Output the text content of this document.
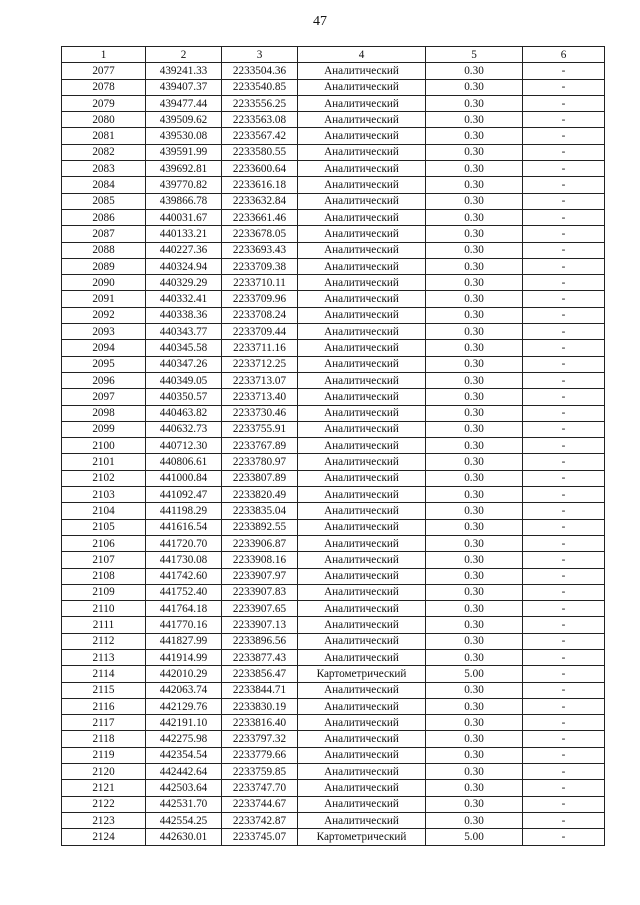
47
1	2	3	4	5	6
2077	439241.33	2233504.36	Аналитический	0.30	-
2078	439407.37	2233540.85	Аналитический	0.30	-
2079	439477.44	2233556.25	Аналитический	0.30	-
2080	439509.62	2233563.08	Аналитический	0.30	-
2081	439530.08	2233567.42	Аналитический	0.30	-
2082	439591.99	2233580.55	Аналитический	0.30	-
2083	439692.81	2233600.64	Аналитический	0.30	-
2084	439770.82	2233616.18	Аналитический	0.30	-
2085	439866.78	2233632.84	Аналитический	0.30	-
2086	440031.67	2233661.46	Аналитический	0.30	-
2087	440133.21	2233678.05	Аналитический	0.30	-
2088	440227.36	2233693.43	Аналитический	0.30	-
2089	440324.94	2233709.38	Аналитический	0.30	-
2090	440329.29	2233710.11	Аналитический	0.30	-
2091	440332.41	2233709.96	Аналитический	0.30	-
2092	440338.36	2233708.24	Аналитический	0.30	-
2093	440343.77	2233709.44	Аналитический	0.30	-
2094	440345.58	2233711.16	Аналитический	0.30	-
2095	440347.26	2233712.25	Аналитический	0.30	-
2096	440349.05	2233713.07	Аналитический	0.30	-
2097	440350.57	2233713.40	Аналитический	0.30	-
2098	440463.82	2233730.46	Аналитический	0.30	-
2099	440632.73	2233755.91	Аналитический	0.30	-
2100	440712.30	2233767.89	Аналитический	0.30	-
2101	440806.61	2233780.97	Аналитический	0.30	-
2102	441000.84	2233807.89	Аналитический	0.30	-
2103	441092.47	2233820.49	Аналитический	0.30	-
2104	441198.29	2233835.04	Аналитический	0.30	-
2105	441616.54	2233892.55	Аналитический	0.30	-
2106	441720.70	2233906.87	Аналитический	0.30	-
2107	441730.08	2233908.16	Аналитический	0.30	-
2108	441742.60	2233907.97	Аналитический	0.30	-
2109	441752.40	2233907.83	Аналитический	0.30	-
2110	441764.18	2233907.65	Аналитический	0.30	-
2111	441770.16	2233907.13	Аналитический	0.30	-
2112	441827.99	2233896.56	Аналитический	0.30	-
2113	441914.99	2233877.43	Аналитический	0.30	-
2114	442010.29	2233856.47	Картометрический	5.00	-
2115	442063.74	2233844.71	Аналитический	0.30	-
2116	442129.76	2233830.19	Аналитический	0.30	-
2117	442191.10	2233816.40	Аналитический	0.30	-
2118	442275.98	2233797.32	Аналитический	0.30	-
2119	442354.54	2233779.66	Аналитический	0.30	-
2120	442442.64	2233759.85	Аналитический	0.30	-
2121	442503.64	2233747.70	Аналитический	0.30	-
2122	442531.70	2233744.67	Аналитический	0.30	-
2123	442554.25	2233742.87	Аналитический	0.30	-
2124	442630.01	2233745.07	Картометрический	5.00	-
